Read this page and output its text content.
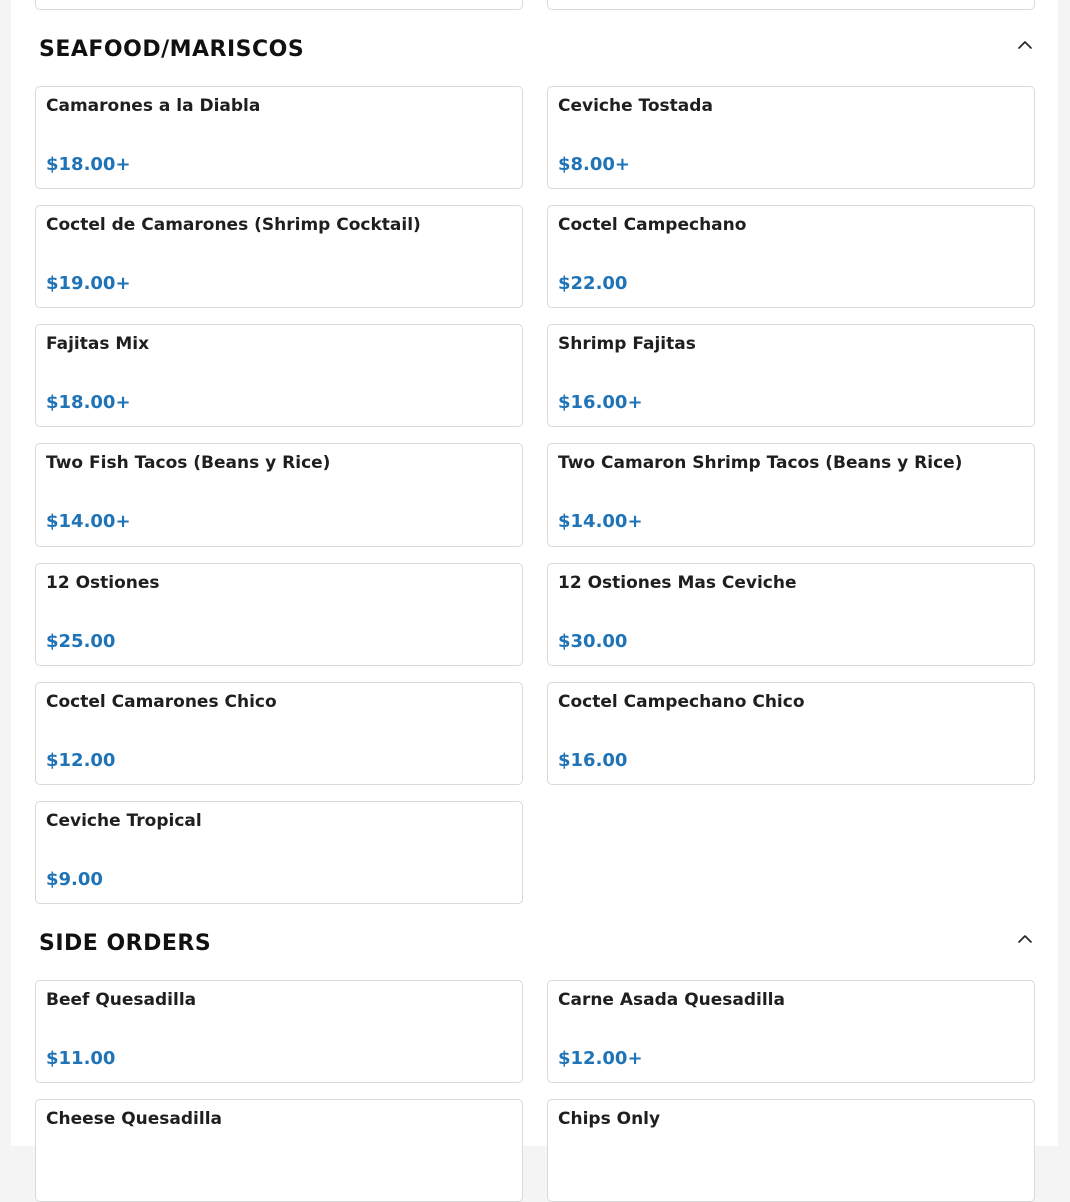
SEAFOOD/MARISCOS
Camarones a la Diabla
$18.00+
Ceviche Tostada
$8.00+
Coctel de Camarones (Shrimp Cocktail)
$19.00+
Coctel Campechano
$22.00
Fajitas Mix
$18.00+
Shrimp Fajitas
$16.00+
Two Fish Tacos (Beans y Rice)
$14.00+
Two Camaron Shrimp Tacos (Beans y Rice)
$14.00+
12 Ostiones
$25.00
12 Ostiones Mas Ceviche
$30.00
Coctel Camarones Chico
$12.00
Coctel Campechano Chico
$16.00
Ceviche Tropical
$9.00
SIDE ORDERS
Beef Quesadilla
$11.00
Carne Asada Quesadilla
$12.00+
Cheese Quesadilla	Chips Only
